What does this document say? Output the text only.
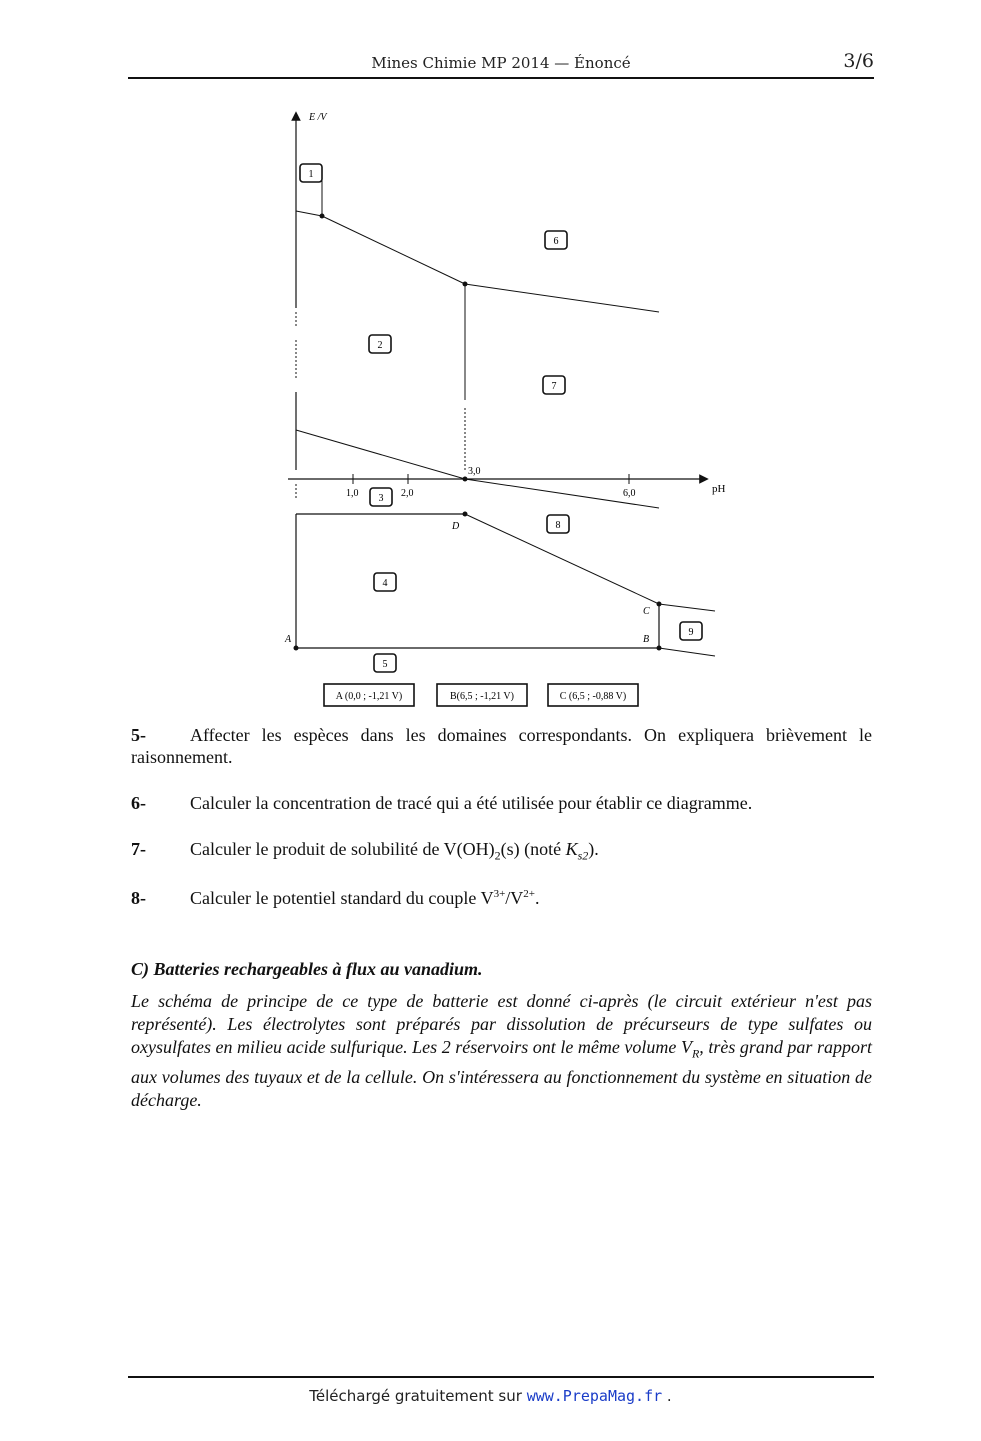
Mines Chimie MP 2014 — Énoncé	3/6
E /V
pH
1,0	2,0
3,0
6,0
A	B
C
D
1
2
3
4
5
6
7
8
9
A (0,0 ; -1,21 V)	B(6,5 ; -1,21 V)	C (6,5 ; -0,88 V)
5- Affecter les espèces dans les domaines correspondants. On expliquera brièvement le raisonnement.
6- Calculer la concentration de tracé qui a été utilisée pour établir ce diagramme.
7- Calculer le produit de solubilité de $V(OH)_2(s)$ (noté $K_{s2}$).
8- Calculer le potentiel standard du couple $V^{3+}/V^{2+}$.
C) Batteries rechargeables à flux au vanadium.
Le schéma de principe de ce type de batterie est donné ci-après (le circuit extérieur n'est pas représenté). Les électrolytes sont préparés par dissolution de précurseurs de type sulfates ou oxysulfates en milieu acide sulfurique. Les 2 réservoirs ont le même volume $V_R$, très grand par rapport aux volumes des tuyaux et de la cellule. On s'intéressera au fonctionnement du système en situation de décharge.
Téléchargé gratuitement sur www.PrepaMag.fr .
